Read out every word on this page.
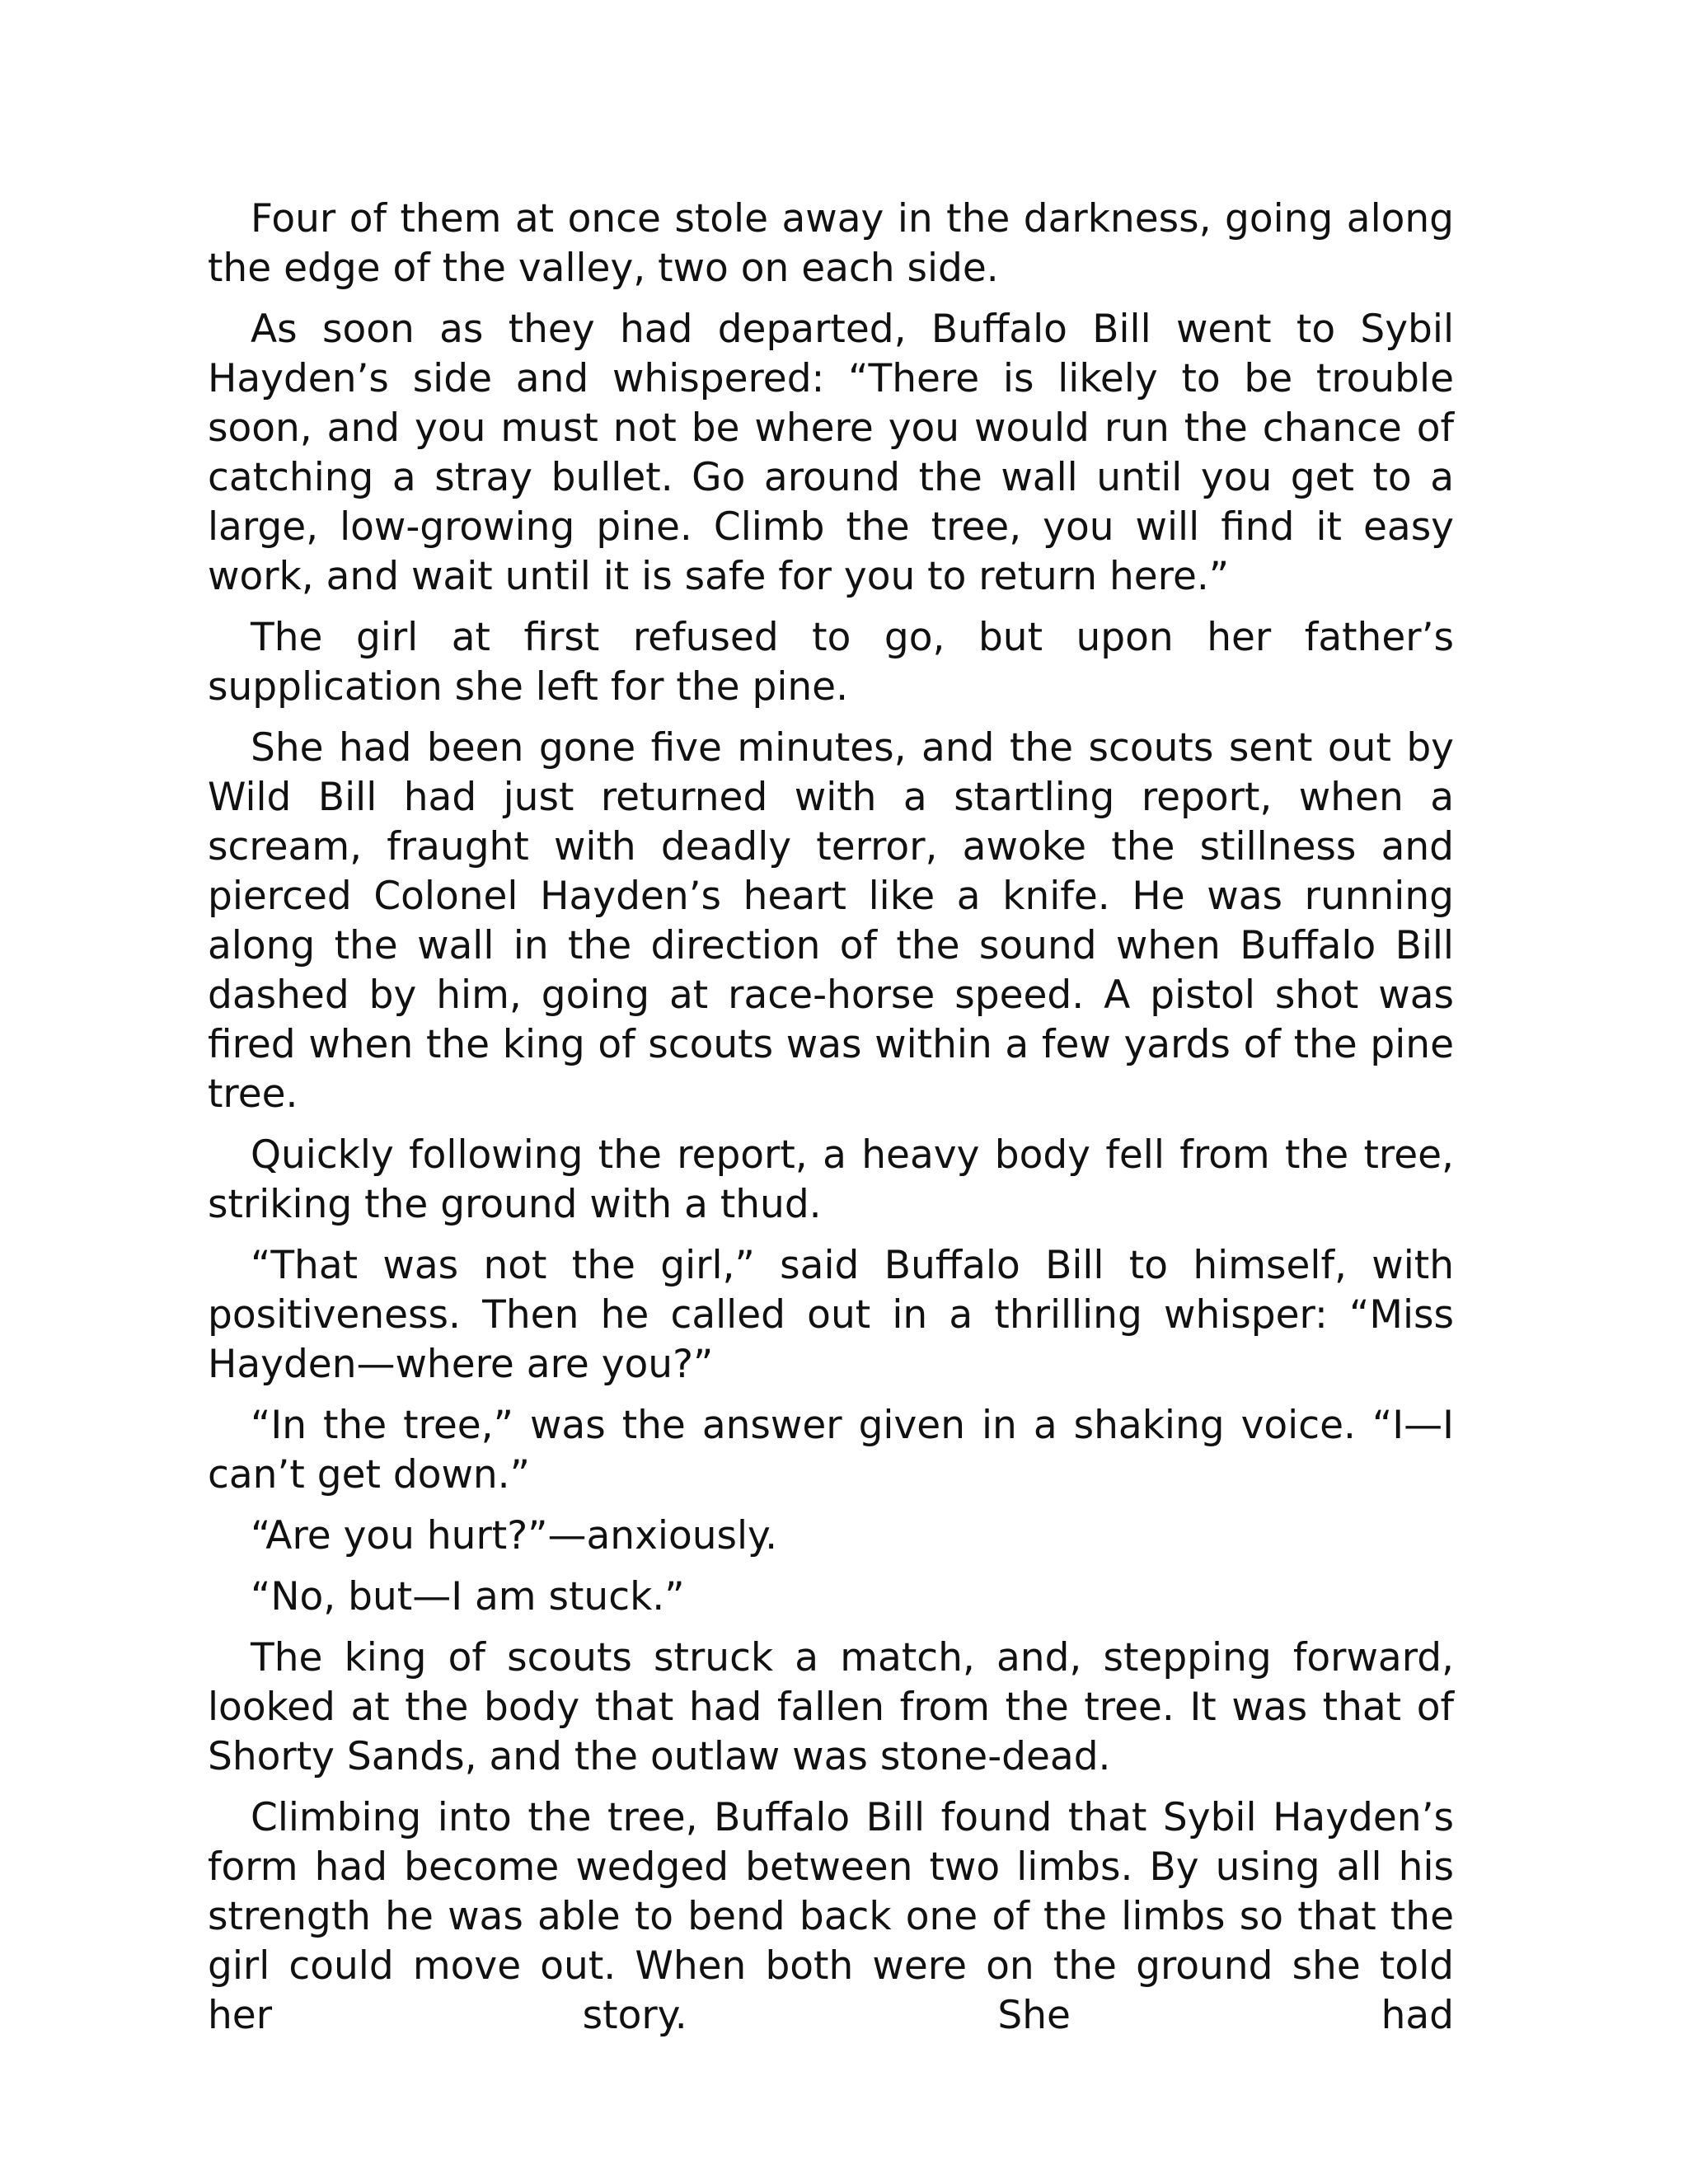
Four of them at once stole away in the darkness, going along the edge of the valley, two on each side.

As soon as they had departed, Buffalo Bill went to Sybil Hayden’s side and whispered: “There is likely to be trouble soon, and you must not be where you would run the chance of catching a stray bullet. Go around the wall until you get to a large, low-growing pine. Climb the tree, you will find it easy work, and wait until it is safe for you to return here.”

The girl at first refused to go, but upon her father’s supplication she left for the pine.

She had been gone five minutes, and the scouts sent out by Wild Bill had just returned with a startling report, when a scream, fraught with deadly terror, awoke the stillness and pierced Colonel Hayden’s heart like a knife. He was running along the wall in the direction of the sound when Buffalo Bill dashed by him, going at race-horse speed. A pistol shot was fired when the king of scouts was within a few yards of the pine tree.

Quickly following the report, a heavy body fell from the tree, striking the ground with a thud.

“That was not the girl,” said Buffalo Bill to himself, with positiveness. Then he called out in a thrilling whisper: “Miss Hayden—where are you?”

“In the tree,” was the answer given in a shaking voice. “I—I can’t get down.”

“Are you hurt?”—anxiously.

“No, but—I am stuck.”

The king of scouts struck a match, and, stepping forward, looked at the body that had fallen from the tree. It was that of Shorty Sands, and the outlaw was stone-dead.

Climbing into the tree, Buffalo Bill found that Sybil Hayden’s form had become wedged between two limbs. By using all his strength he was able to bend back one of the limbs so that the girl could move out. When both were on the ground she told her story. She had
